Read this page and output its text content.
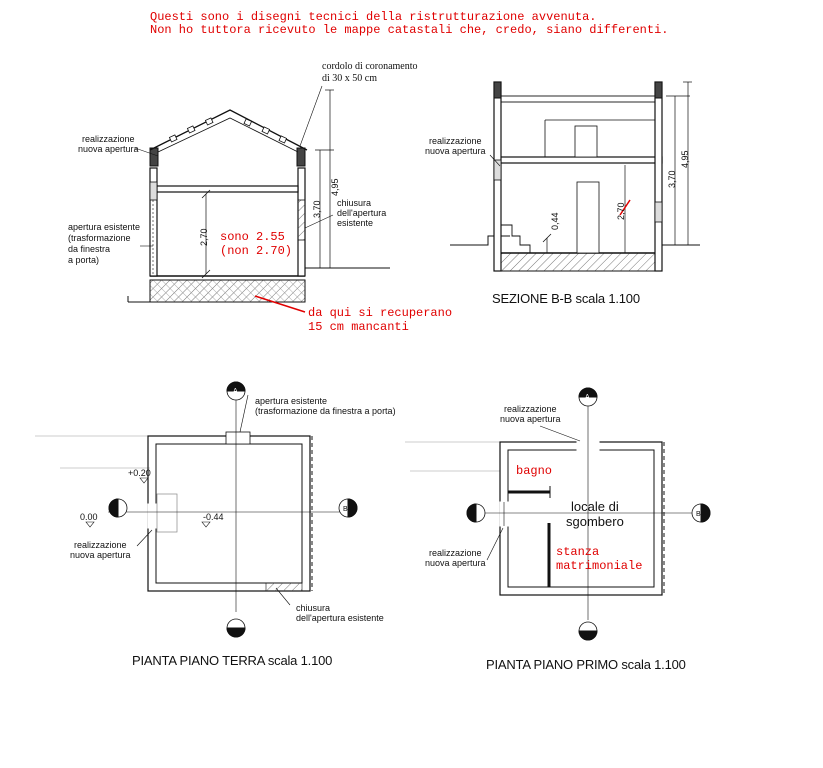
Questi sono i disegni tecnici della ristrutturazione avvenuta.
Non ho tuttora ricevuto le mappe catastali che, credo, siano differenti.
A
A'
B	B'
A
A'
B	B'
cordolo di coronamento
di 30 x 50 cm
realizzazione
nuova apertura
apertura esistente
(trasformazione
da finestra
a porta)
chiusura
dell'apertura
esistente
2,70
3,70
4,95
sono 2.55
(non 2.70)
da qui si recuperano
15 cm mancanti
realizzazione
nuova apertura
0,44
2,70
3,70
4,95
SEZIONE B-B scala 1.100
apertura esistente
(trasformazione da finestra a porta)
+0.20
0.00	-0.44
realizzazione
nuova apertura
chiusura
dell'apertura esistente
PIANTA PIANO TERRA scala 1.100
realizzazione
nuova apertura
realizzazione
nuova apertura
bagno
locale di
sgombero
stanza
matrimoniale
PIANTA PIANO PRIMO scala 1.100
